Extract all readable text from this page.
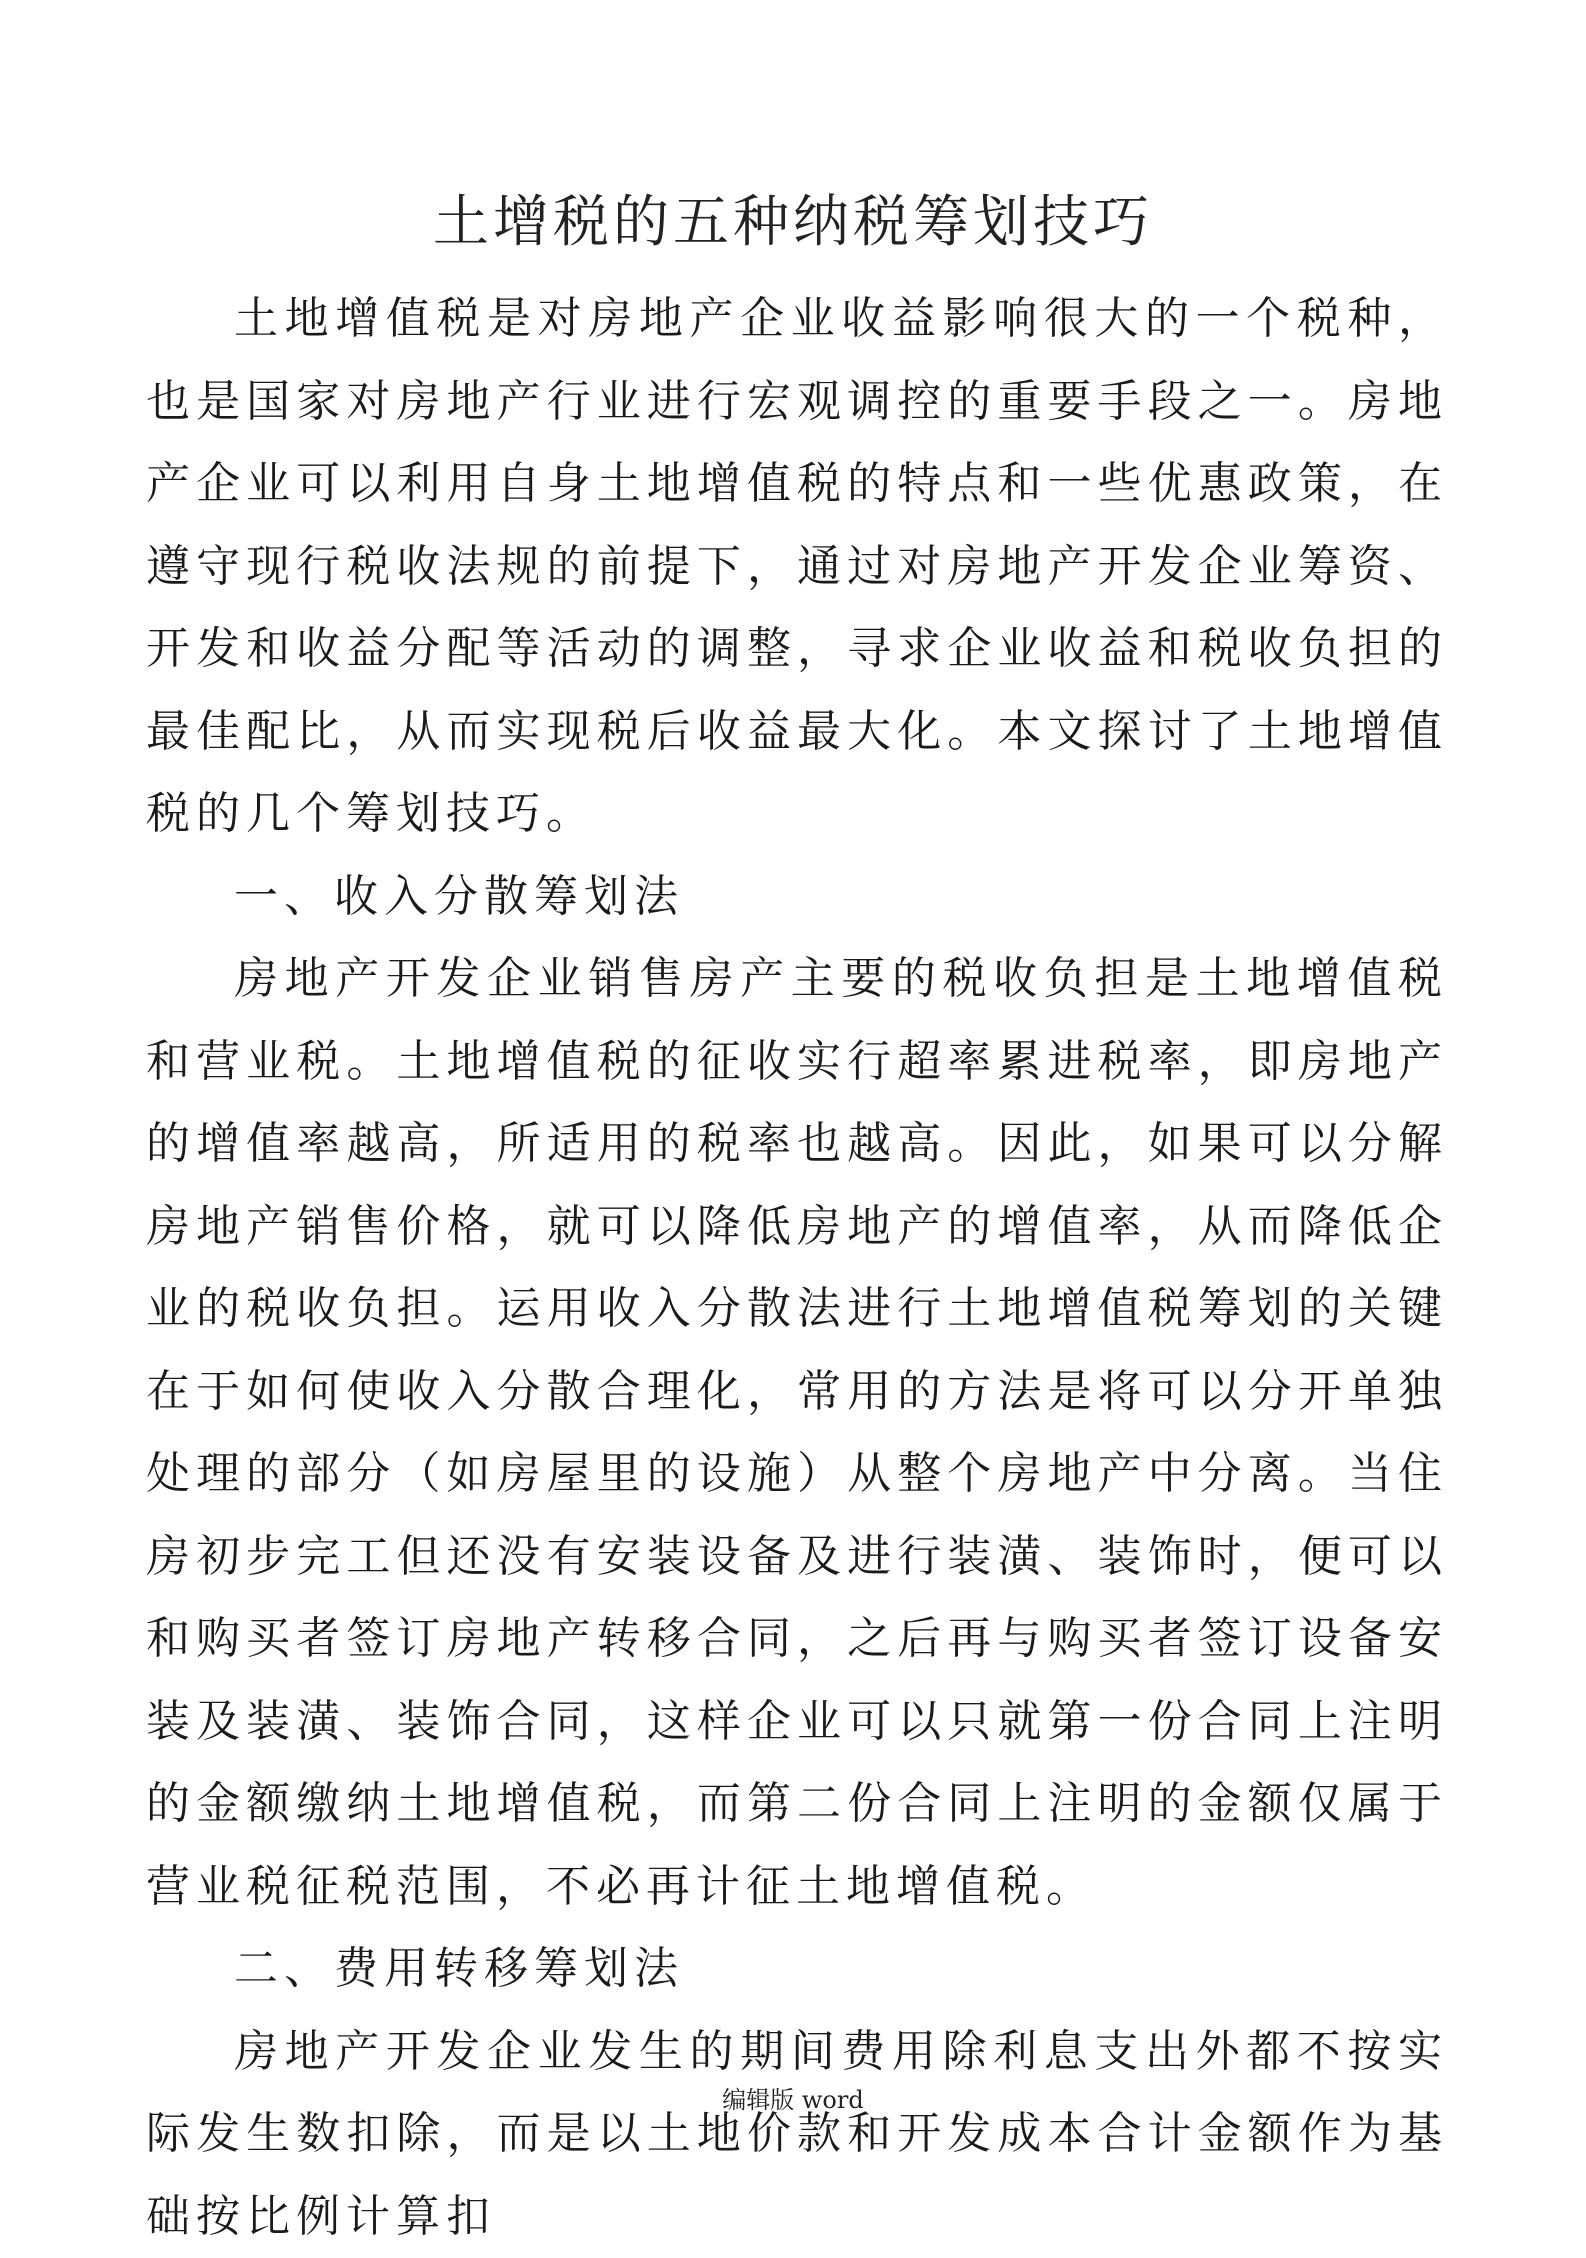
土增税的五种纳税筹划技巧

土地增值税是对房地产企业收益影响很大的一个税种，也是国家对房地产行业进行宏观调控的重要手段之一。房地产企业可以利用自身土地增值税的特点和一些优惠政策，在遵守现行税收法规的前提下，通过对房地产开发企业筹资、开发和收益分配等活动的调整，寻求企业收益和税收负担的最佳配比，从而实现税后收益最大化。本文探讨了土地增值税的几个筹划技巧。

一、收入分散筹划法

房地产开发企业销售房产主要的税收负担是土地增值税和营业税。土地增值税的征收实行超率累进税率，即房地产的增值率越高，所适用的税率也越高。因此，如果可以分解房地产销售价格，就可以降低房地产的增值率，从而降低企业的税收负担。运用收入分散法进行土地增值税筹划的关键在于如何使收入分散合理化，常用的方法是将可以分开单独处理的部分（如房屋里的设施）从整个房地产中分离。当住房初步完工但还没有安装设备及进行装潢、装饰时，便可以和购买者签订房地产转移合同，之后再与购买者签订设备安装及装潢、装饰合同，这样企业可以只就第一份合同上注明的金额缴纳土地增值税，而第二份合同上注明的金额仅属于营业税征税范围，不必再计征土地增值税。

二、费用转移筹划法

房地产开发企业发生的期间费用除利息支出外都不按实际发生数扣除，而是以土地价款和开发成本合计金额作为基础按比例计算扣

编辑版 word
